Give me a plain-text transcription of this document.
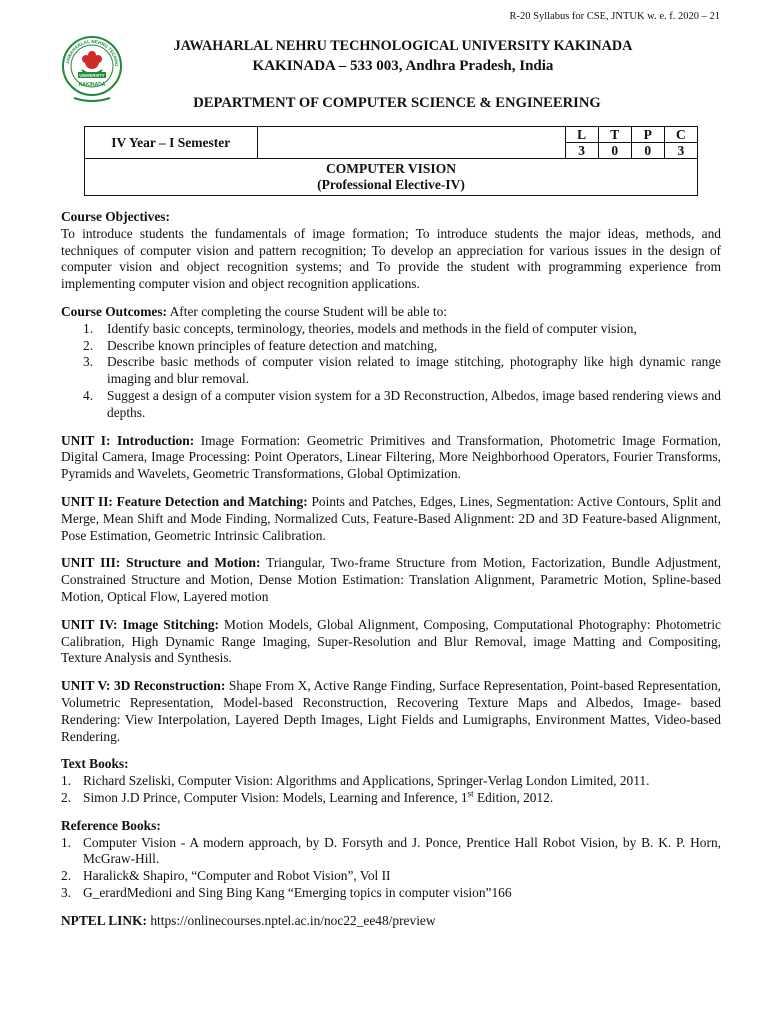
R-20 Syllabus for CSE, JNTUK w. e. f. 2020 – 21
JAWAHARLAL NEHRU TECHNO
UNIVERSITY
KAKINADA
JAWAHARLAL NEHRU TECHNOLOGICAL UNIVERSITY KAKINADA
KAKINADA – 533 003, Andhra Pradesh, India
DEPARTMENT OF COMPUTER SCIENCE & ENGINEERING
IV Year – I Semester		L	T	P	C
		3	0	0	3

COMPUTER VISION
(Professional Elective-IV)					
Course Objectives:
To introduce students the fundamentals of image formation; To introduce students the major ideas, methods, and techniques of computer vision and pattern recognition; To develop an appreciation for various issues in the design of computer vision and object recognition systems; and To provide the student with programming experience from implementing computer vision and object recognition applications.
Course Outcomes: After completing the course Student will be able to:
1. Identify basic concepts, terminology, theories, models and methods in the field of computer vision,
2. Describe known principles of feature detection and matching,
3. Describe basic methods of computer vision related to image stitching, photography like high dynamic range imaging and blur removal.
4. Suggest a design of a computer vision system for a 3D Reconstruction, Albedos, image based rendering views and depths.
UNIT I: Introduction: Image Formation: Geometric Primitives and Transformation, Photometric Image Formation, Digital Camera, Image Processing: Point Operators, Linear Filtering, More Neighborhood Operators, Fourier Transforms, Pyramids and Wavelets, Geometric Transformations, Global Optimization.
UNIT II: Feature Detection and Matching: Points and Patches, Edges, Lines, Segmentation: Active Contours, Split and Merge, Mean Shift and Mode Finding, Normalized Cuts, Feature-Based Alignment: 2D and 3D Feature-based Alignment, Pose Estimation, Geometric Intrinsic Calibration.
UNIT III: Structure and Motion: Triangular, Two-frame Structure from Motion, Factorization, Bundle Adjustment, Constrained Structure and Motion, Dense Motion Estimation: Translation Alignment, Parametric Motion, Spline-based Motion, Optical Flow, Layered motion
UNIT IV: Image Stitching: Motion Models, Global Alignment, Composing, Computational Photography: Photometric Calibration, High Dynamic Range Imaging, Super-Resolution and Blur Removal, image Matting and Compositing, Texture Analysis and Synthesis.
UNIT V: 3D Reconstruction: Shape From X, Active Range Finding, Surface Representation, Point-based Representation, Volumetric Representation, Model-based Reconstruction, Recovering Texture Maps and Albedos, Image- based Rendering: View Interpolation, Layered Depth Images, Light Fields and Lumigraphs, Environment Mattes, Video-based Rendering.
Text Books:
1. Richard Szeliski, Computer Vision: Algorithms and Applications, Springer-Verlag London Limited, 2011.
2. Simon J.D Prince, Computer Vision: Models, Learning and Inference, 1st Edition, 2012.
Reference Books:
1. Computer Vision - A modern approach, by D. Forsyth and J. Ponce, Prentice Hall Robot Vision, by B. K. P. Horn, McGraw-Hill.
2. Haralick& Shapiro, “Computer and Robot Vision”, Vol II
3. G_erardMedioni and Sing Bing Kang “Emerging topics in computer vision”166
NPTEL LINK: https://onlinecourses.nptel.ac.in/noc22_ee48/preview
